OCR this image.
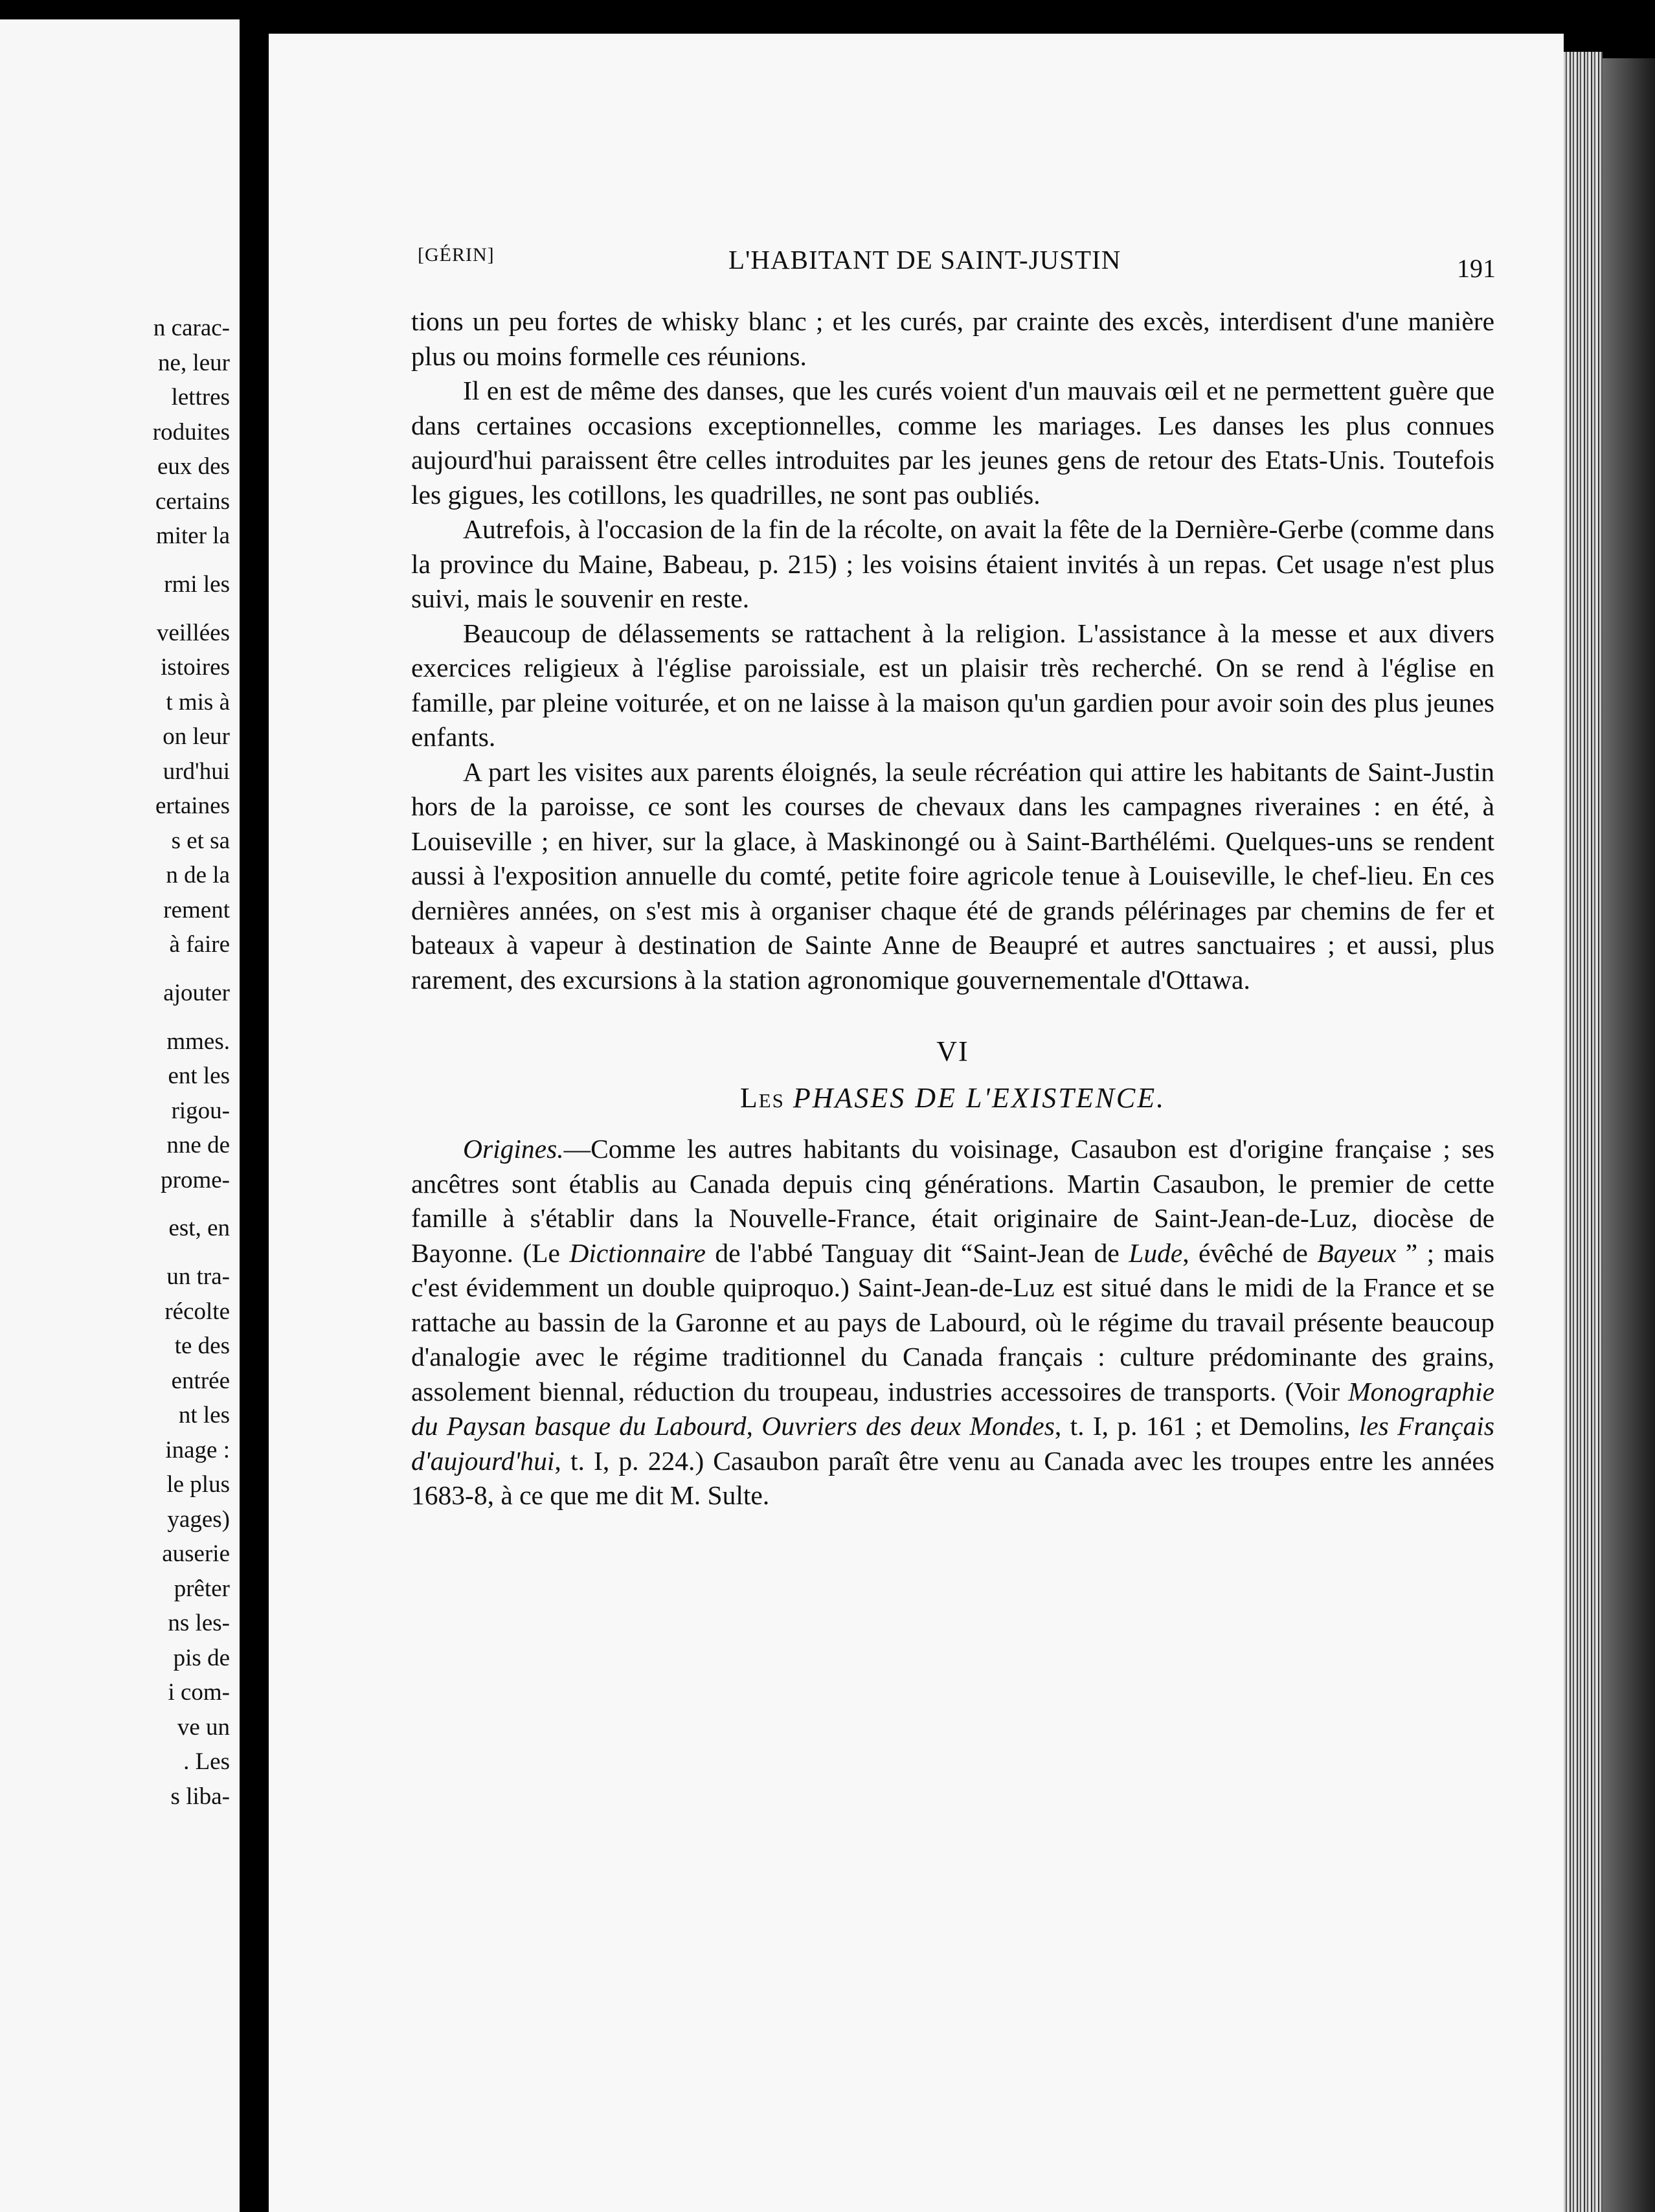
n carac-
ne, leur
lettres
roduites
eux des
certains
miter la
rmi les
veillées
istoires
t mis à
on leur
urd'hui
ertaines
s et sa
n de la
rement
à faire
ajouter
mmes.
ent les
rigou-
nne de
prome-
est, en
un tra-
récolte
te des
entrée
nt les
inage :
le plus
yages)
auserie
prêter
ns les-
pis de
i com-
ve un
. Les
s liba-
[GÉRIN]	L'HABITANT DE SAINT-JUSTIN	191

tions un peu fortes de whisky blanc ; et les curés, par crainte des excès, interdisent d'une manière plus ou moins formelle ces réunions.

Il en est de même des danses, que les curés voient d'un mauvais œil et ne permettent guère que dans certaines occasions exceptionnelles, comme les mariages. Les danses les plus connues aujourd'hui paraissent être celles introduites par les jeunes gens de retour des Etats-Unis. Toutefois les gigues, les cotillons, les quadrilles, ne sont pas oubliés.

Autrefois, à l'occasion de la fin de la récolte, on avait la fête de la Dernière-Gerbe (comme dans la province du Maine, Babeau, p. 215) ; les voisins étaient invités à un repas. Cet usage n'est plus suivi, mais le souvenir en reste.

Beaucoup de délassements se rattachent à la religion. L'assistance à la messe et aux divers exercices religieux à l'église paroissiale, est un plaisir très recherché. On se rend à l'église en famille, par pleine voiturée, et on ne laisse à la maison qu'un gardien pour avoir soin des plus jeunes enfants.

A part les visites aux parents éloignés, la seule récréation qui attire les habitants de Saint-Justin hors de la paroisse, ce sont les courses de chevaux dans les campagnes riveraines : en été, à Louiseville ; en hiver, sur la glace, à Maskinongé ou à Saint-Barthélémi. Quelques-uns se rendent aussi à l'exposition annuelle du comté, petite foire agricole tenue à Louiseville, le chef-lieu. En ces dernières années, on s'est mis à organiser chaque été de grands pélérinages par chemins de fer et bateaux à vapeur à destination de Sainte Anne de Beaupré et autres sanctuaires ; et aussi, plus rarement, des excursions à la station agronomique gouvernementale d'Ottawa.

VI
Les PHASES DE L'EXISTENCE.

Origines.—Comme les autres habitants du voisinage, Casaubon est d'origine française ; ses ancêtres sont établis au Canada depuis cinq générations. Martin Casaubon, le premier de cette famille à s'établir dans la Nouvelle-France, était originaire de Saint-Jean-de-Luz, diocèse de Bayonne. (Le Dictionnaire de l'abbé Tanguay dit “Saint-Jean de Lude, évêché de Bayeux ” ; mais c'est évidemment un double quiproquo.) Saint-Jean-de-Luz est situé dans le midi de la France et se rattache au bassin de la Garonne et au pays de Labourd, où le régime du travail présente beaucoup d'analogie avec le régime traditionnel du Canada français : culture prédominante des grains, assolement biennal, réduction du troupeau, industries accessoires de transports. (Voir Monographie du Paysan basque du Labourd, Ouvriers des deux Mondes, t. I, p. 161 ; et Demolins, les Français d'aujourd'hui, t. I, p. 224.) Casaubon paraît être venu au Canada avec les troupes entre les années 1683-8, à ce que me dit M. Sulte.
